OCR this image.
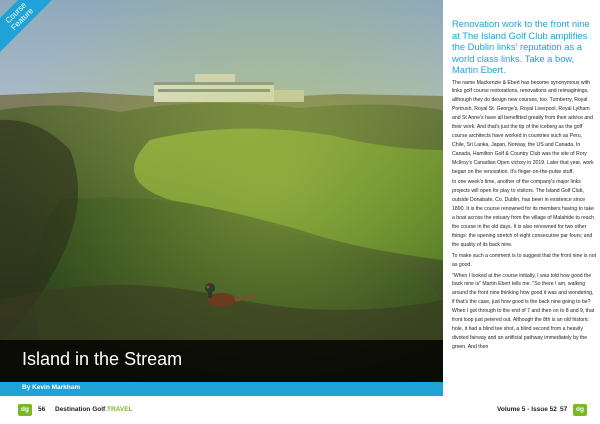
Course
Feature
Island in the Stream
By Kevin Markham
Renovation work to the front nine at The Island Golf Club amplifies the Dublin links' reputation as a world class links. Take a bow, Martin Ebert.

The name Mackenzie & Ebert has become synonymous with links golf course restorations, renovations and reimaginings, although they do design new courses, too. Turnberry, Royal Portrush, Royal St. George's, Royal Liverpool, Royal Lytham and St Anne's have all benefitted greatly from their advice and their work. And that's just the tip of the iceberg as the golf course architects have worked in countries such as Peru, Chile, Sri Lanka, Japan, Norway, the US and Canada. In Canada, Hamilton Golf & Country Club was the site of Rory McIlroy's Canadian Open victory in 2019. Later that year, work began on the renovation. It's finger-on-the-pulse stuff.

In one week's time, another of the company's major links projects will open for play to visitors. The Island Golf Club, outside Donabate, Co. Dublin, has been in existence since 1890. It is the course renowned for its members having to take a boat across the estuary from the village of Malahide to reach the course in the old days. It is also renowned for two other things: the opening stretch of eight consecutive par fours; and the quality of its back nine.

To make such a comment is to suggest that the front nine is not as good.

"When I looked at the course initially, I was told how good the back nine is" Martin Ebert tells me. "So there I am, walking around the front nine thinking how good it was and wondering, if that's the case, just how good is the back nine going to be? When I got through to the end of 7 and then on to 8 and 9, that front loop just petered out. Although the 8th is an old historic hole, it had a blind tee shot, a blind second from a heavily divoted fairway and an artificial pathway immediately by the green. And then

dg	56 Destination Golf.TRAVEL	Volume 5 - Issue 52 57	dg
